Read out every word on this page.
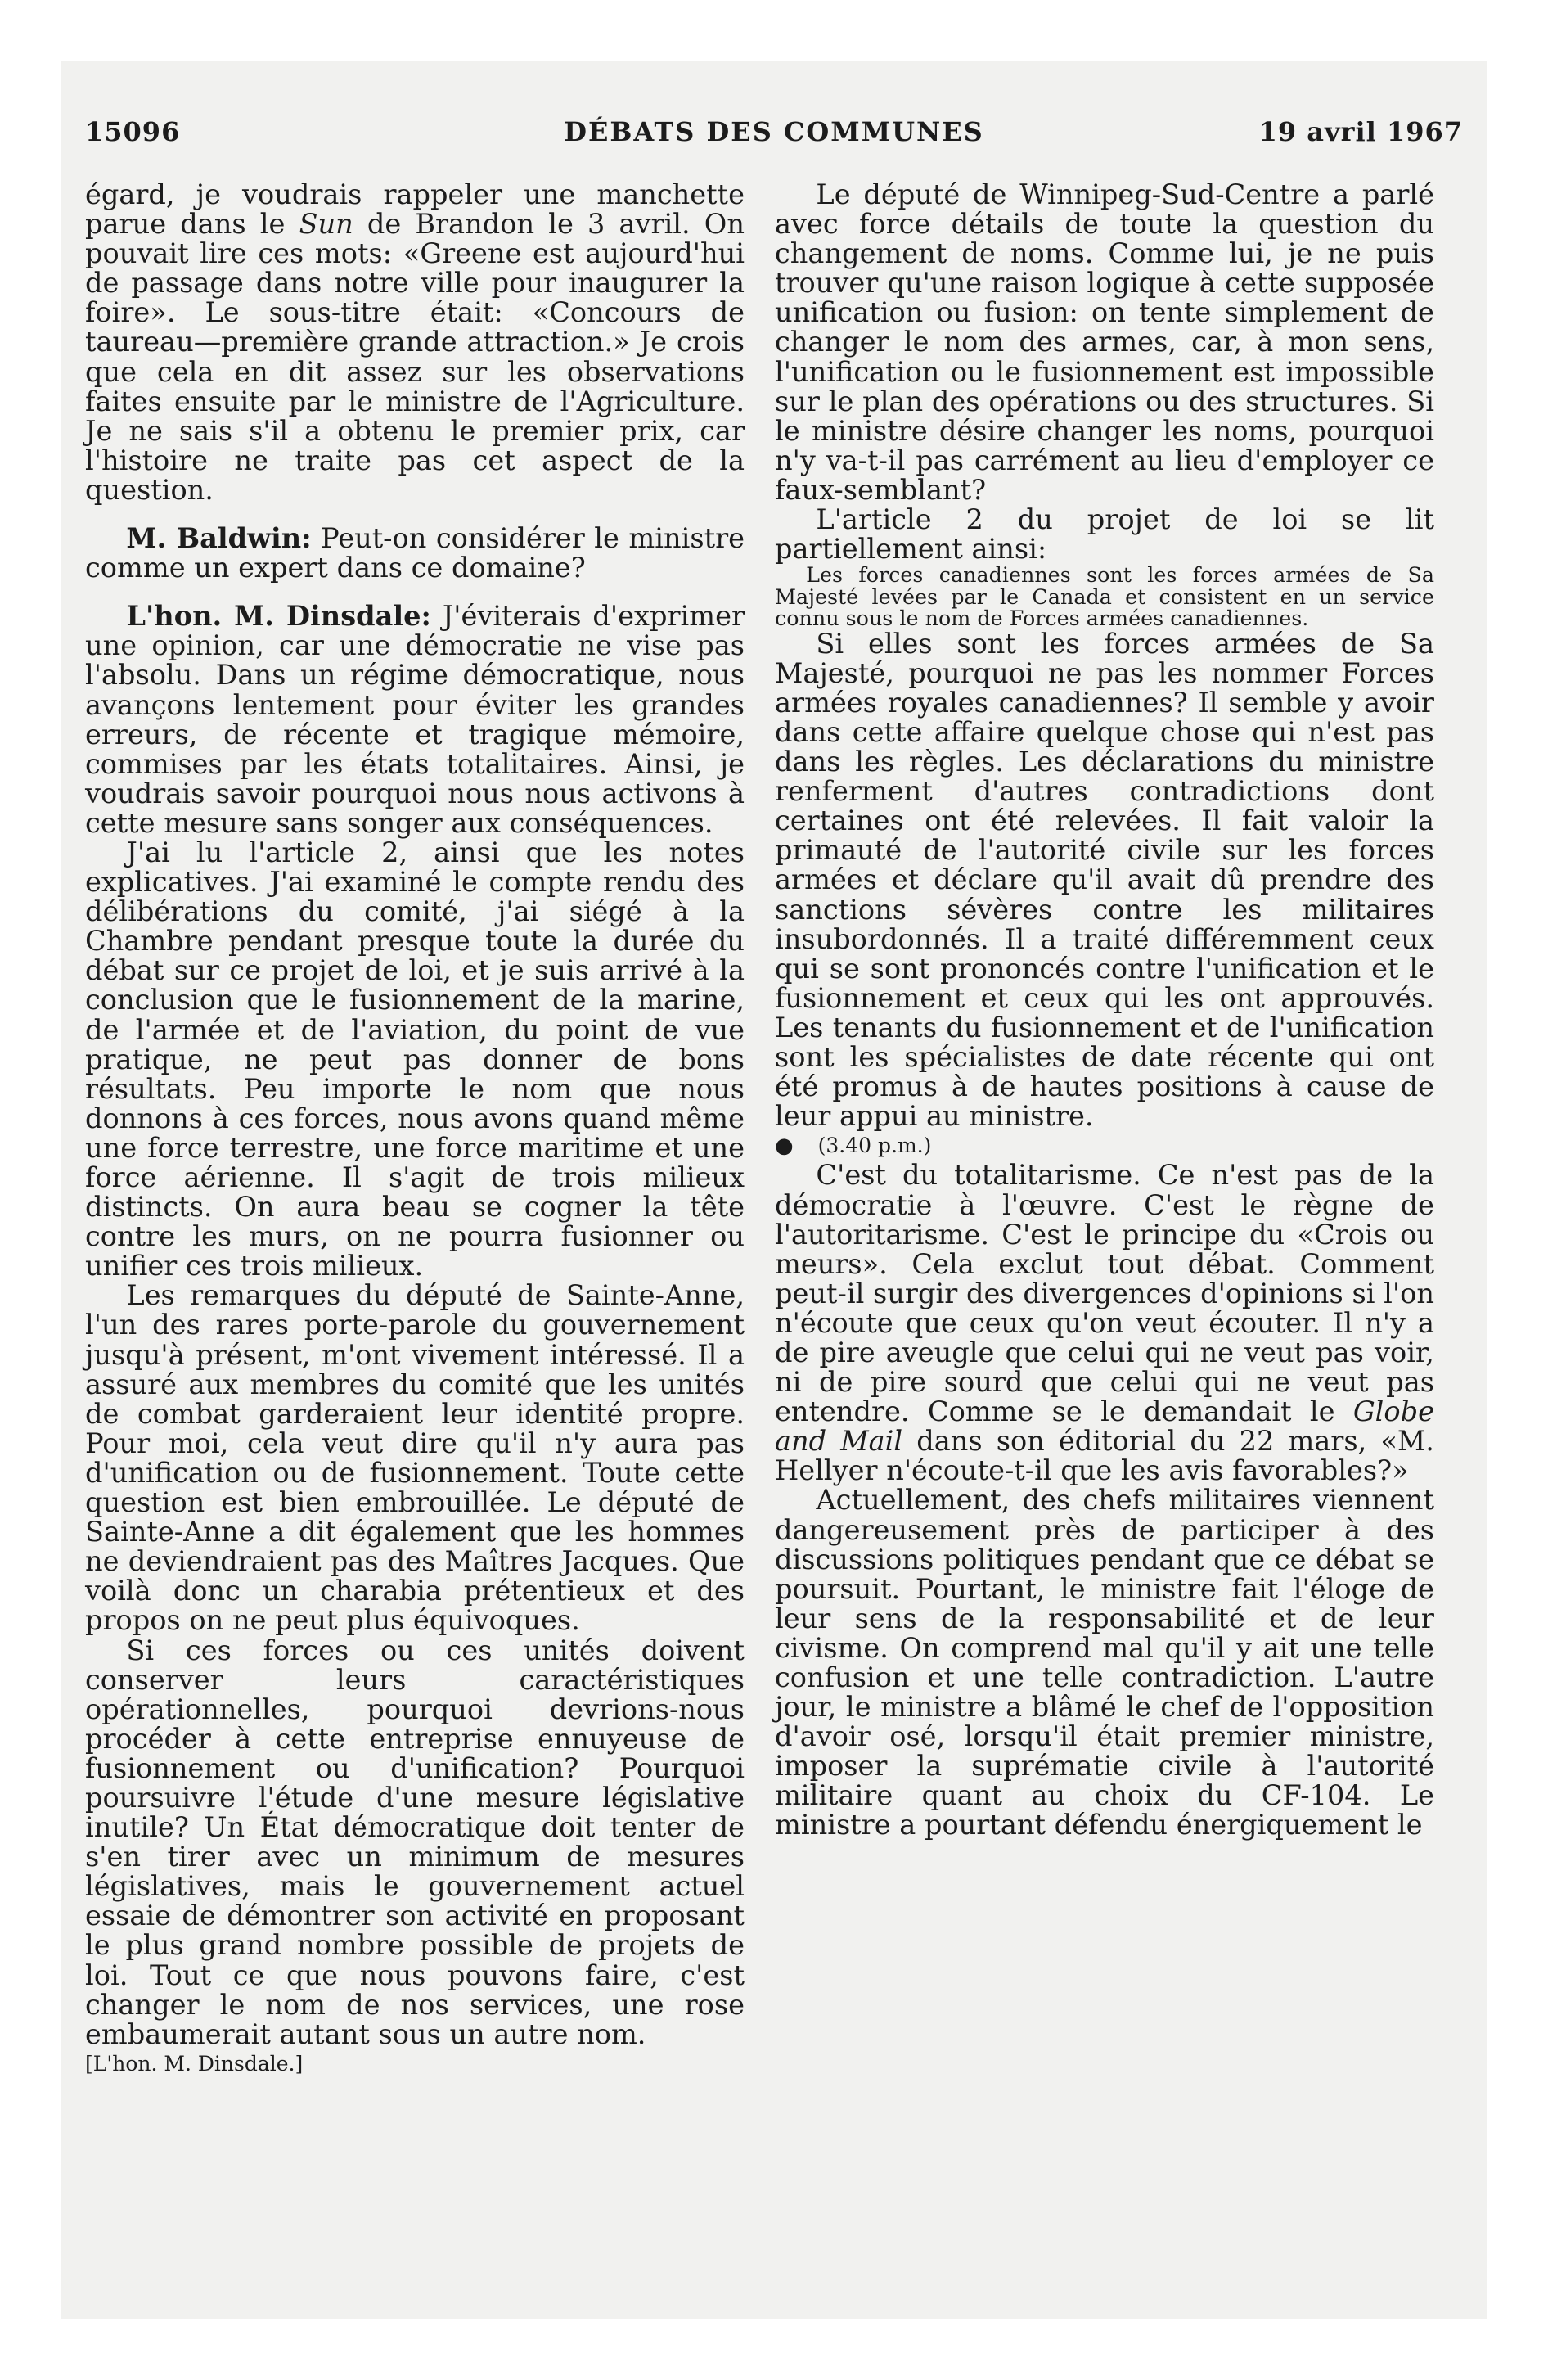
DÉBATS DES COMMUNES
15096	19 avril 1967

égard, je voudrais rappeler une manchette parue dans le Sun de Brandon le 3 avril. On pouvait lire ces mots: «Greene est aujourd'hui de passage dans notre ville pour inaugurer la foire». Le sous-titre était: «Concours de taureau—première grande attraction.» Je crois que cela en dit assez sur les observations faites ensuite par le ministre de l'Agriculture. Je ne sais s'il a obtenu le premier prix, car l'histoire ne traite pas cet aspect de la question.

M. Baldwin: Peut-on considérer le ministre comme un expert dans ce domaine?

L'hon. M. Dinsdale: J'éviterais d'exprimer une opinion, car une démocratie ne vise pas l'absolu. Dans un régime démocratique, nous avançons lentement pour éviter les grandes erreurs, de récente et tragique mémoire, commises par les états totalitaires. Ainsi, je voudrais savoir pourquoi nous nous activons à cette mesure sans songer aux conséquences.

J'ai lu l'article 2, ainsi que les notes explicatives. J'ai examiné le compte rendu des délibérations du comité, j'ai siégé à la Chambre pendant presque toute la durée du débat sur ce projet de loi, et je suis arrivé à la conclusion que le fusionnement de la marine, de l'armée et de l'aviation, du point de vue pratique, ne peut pas donner de bons résultats. Peu importe le nom que nous donnons à ces forces, nous avons quand même une force terrestre, une force maritime et une force aérienne. Il s'agit de trois milieux distincts. On aura beau se cogner la tête contre les murs, on ne pourra fusionner ou unifier ces trois milieux.

Les remarques du député de Sainte-Anne, l'un des rares porte-parole du gouvernement jusqu'à présent, m'ont vivement intéressé. Il a assuré aux membres du comité que les unités de combat garderaient leur identité propre. Pour moi, cela veut dire qu'il n'y aura pas d'unification ou de fusionnement. Toute cette question est bien embrouillée. Le député de Sainte-Anne a dit également que les hommes ne deviendraient pas des Maîtres Jacques. Que voilà donc un charabia prétentieux et des propos on ne peut plus équivoques.

Si ces forces ou ces unités doivent conserver leurs caractéristiques opérationnelles, pourquoi devrions-nous procéder à cette entreprise ennuyeuse de fusionnement ou d'unification? Pourquoi poursuivre l'étude d'une mesure législative inutile? Un État démocratique doit tenter de s'en tirer avec un minimum de mesures législatives, mais le gouvernement actuel essaie de démontrer son activité en proposant le plus grand nombre possible de projets de loi. Tout ce que nous pouvons faire, c'est changer le nom de nos services, une rose embaumerait autant sous un autre nom.

[L'hon. M. Dinsdale.]

Le député de Winnipeg-Sud-Centre a parlé avec force détails de toute la question du changement de noms. Comme lui, je ne puis trouver qu'une raison logique à cette supposée unification ou fusion: on tente simplement de changer le nom des armes, car, à mon sens, l'unification ou le fusionnement est impossible sur le plan des opérations ou des structures. Si le ministre désire changer les noms, pourquoi n'y va-t-il pas carrément au lieu d'employer ce faux-semblant?

L'article 2 du projet de loi se lit partiellement ainsi:

Les forces canadiennes sont les forces armées de Sa Majesté levées par le Canada et consistent en un service connu sous le nom de Forces armées canadiennes.

Si elles sont les forces armées de Sa Majesté, pourquoi ne pas les nommer Forces armées royales canadiennes? Il semble y avoir dans cette affaire quelque chose qui n'est pas dans les règles. Les déclarations du ministre renferment d'autres contradictions dont certaines ont été relevées. Il fait valoir la primauté de l'autorité civile sur les forces armées et déclare qu'il avait dû prendre des sanctions sévères contre les militaires insubordonnés. Il a traité différemment ceux qui se sont prononcés contre l'unification et le fusionnement et ceux qui les ont approuvés. Les tenants du fusionnement et de l'unification sont les spécialistes de date récente qui ont été promus à de hautes positions à cause de leur appui au ministre.

● (3.40 p.m.)

C'est du totalitarisme. Ce n'est pas de la démocratie à l'œuvre. C'est le règne de l'autoritarisme. C'est le principe du «Crois ou meurs». Cela exclut tout débat. Comment peut-il surgir des divergences d'opinions si l'on n'écoute que ceux qu'on veut écouter. Il n'y a de pire aveugle que celui qui ne veut pas voir, ni de pire sourd que celui qui ne veut pas entendre. Comme se le demandait le Globe and Mail dans son éditorial du 22 mars, «M. Hellyer n'écoute-t-il que les avis favorables?»

Actuellement, des chefs militaires viennent dangereusement près de participer à des discussions politiques pendant que ce débat se poursuit. Pourtant, le ministre fait l'éloge de leur sens de la responsabilité et de leur civisme. On comprend mal qu'il y ait une telle confusion et une telle contradiction. L'autre jour, le ministre a blâmé le chef de l'opposition d'avoir osé, lorsqu'il était premier ministre, imposer la suprématie civile à l'autorité militaire quant au choix du CF-104. Le ministre a pourtant défendu énergiquement le
